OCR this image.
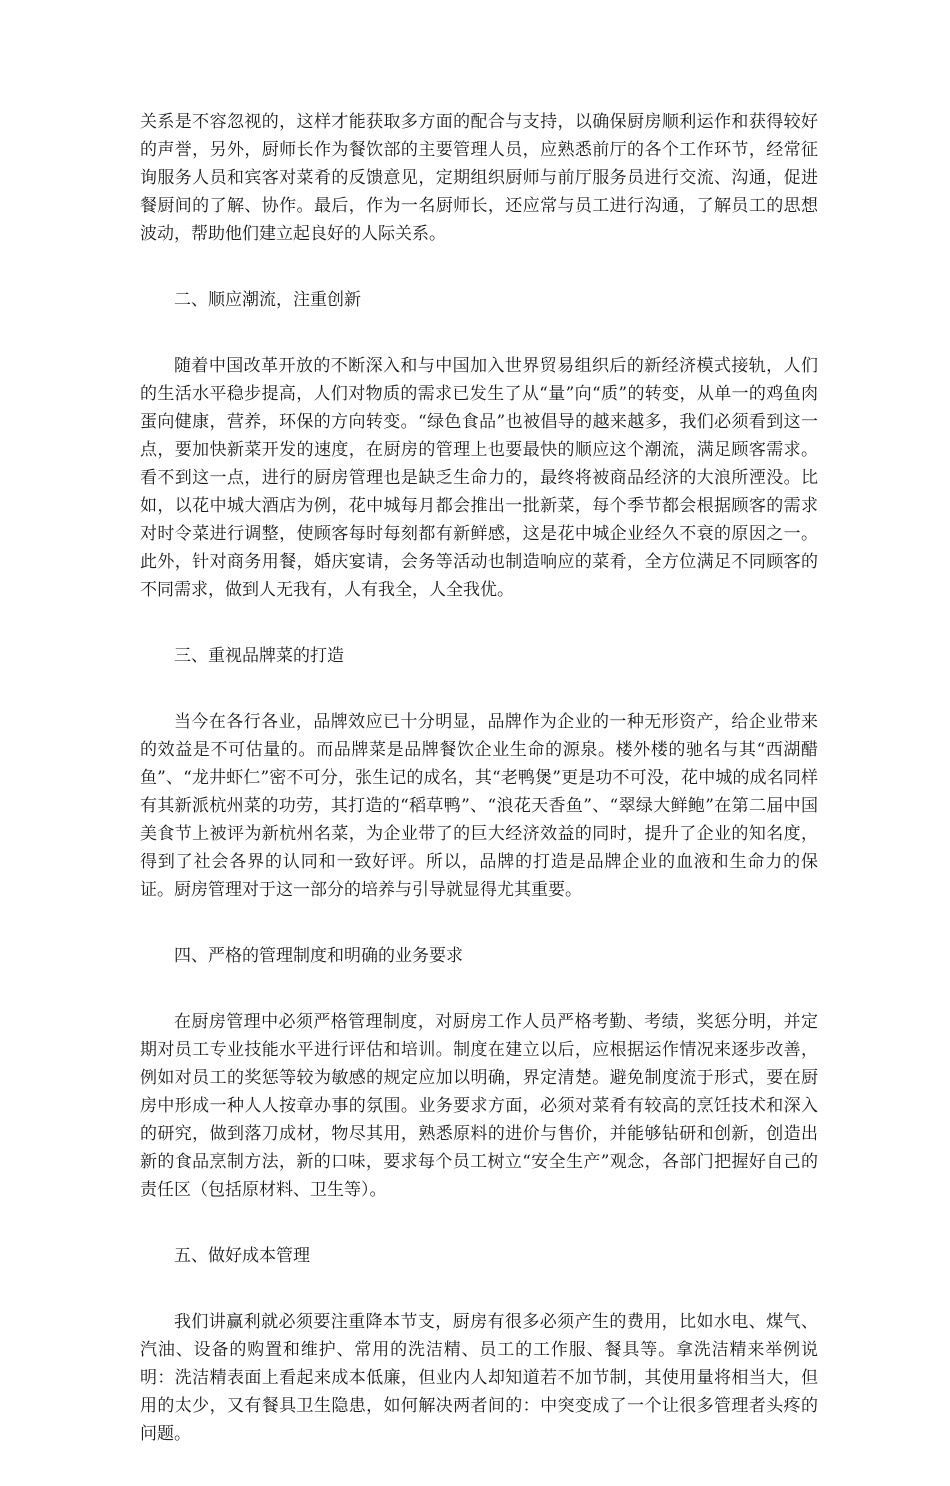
关系是不容忽视的，这样才能获取多方面的配合与支持，以确保厨房顺利运作和获得较好的声誉，另外，厨师长作为餐饮部的主要管理人员，应熟悉前厅的各个工作环节，经常征询服务人员和宾客对菜肴的反馈意见，定期组织厨师与前厅服务员进行交流、沟通，促进餐厨间的了解、协作。最后，作为一名厨师长，还应常与员工进行沟通，了解员工的思想波动，帮助他们建立起良好的人际关系。

二、顺应潮流，注重创新

随着中国改革开放的不断深入和与中国加入世界贸易组织后的新经济模式接轨，人们的生活水平稳步提高，人们对物质的需求已发生了从“量”向“质”的转变，从单一的鸡鱼肉蛋向健康，营养，环保的方向转变。“绿色食品”也被倡导的越来越多，我们必须看到这一点，要加快新菜开发的速度，在厨房的管理上也要最快的顺应这个潮流，满足顾客需求。看不到这一点，进行的厨房管理也是缺乏生命力的，最终将被商品经济的大浪所湮没。比如，以花中城大酒店为例，花中城每月都会推出一批新菜，每个季节都会根据顾客的需求对时令菜进行调整，使顾客每时每刻都有新鲜感，这是花中城企业经久不衰的原因之一。此外，针对商务用餐，婚庆宴请，会务等活动也制造响应的菜肴，全方位满足不同顾客的不同需求，做到人无我有，人有我全，人全我优。

三、重视品牌菜的打造

当今在各行各业，品牌效应已十分明显，品牌作为企业的一种无形资产，给企业带来的效益是不可估量的。而品牌菜是品牌餐饮企业生命的源泉。楼外楼的驰名与其“西湖醋鱼”、“龙井虾仁”密不可分，张生记的成名，其“老鸭煲”更是功不可没，花中城的成名同样有其新派杭州菜的功劳，其打造的“稻草鸭”、“浪花天香鱼”、“翠绿大鲜鲍”在第二届中国美食节上被评为新杭州名菜，为企业带了的巨大经济效益的同时，提升了企业的知名度，得到了社会各界的认同和一致好评。所以，品牌的打造是品牌企业的血液和生命力的保证。厨房管理对于这一部分的培养与引导就显得尤其重要。

四、严格的管理制度和明确的业务要求

在厨房管理中必须严格管理制度，对厨房工作人员严格考勤、考绩，奖惩分明，并定期对员工专业技能水平进行评估和培训。制度在建立以后，应根据运作情况来逐步改善，例如对员工的奖惩等较为敏感的规定应加以明确，界定清楚。避免制度流于形式，要在厨房中形成一种人人按章办事的氛围。业务要求方面，必须对菜肴有较高的烹饪技术和深入的研究，做到落刀成材，物尽其用，熟悉原料的进价与售价，并能够钻研和创新，创造出新的食品烹制方法，新的口味，要求每个员工树立“安全生产”观念，各部门把握好自己的责任区（包括原材料、卫生等）。

五、做好成本管理

我们讲赢利就必须要注重降本节支，厨房有很多必须产生的费用，比如水电、煤气、汽油、设备的购置和维护、常用的洗洁精、员工的工作服、餐具等。拿洗洁精来举例说明：洗洁精表面上看起来成本低廉，但业内人却知道若不加节制，其使用量将相当大，但用的太少，又有餐具卫生隐患，如何解决两者间的：中突变成了一个让很多管理者头疼的问题。
